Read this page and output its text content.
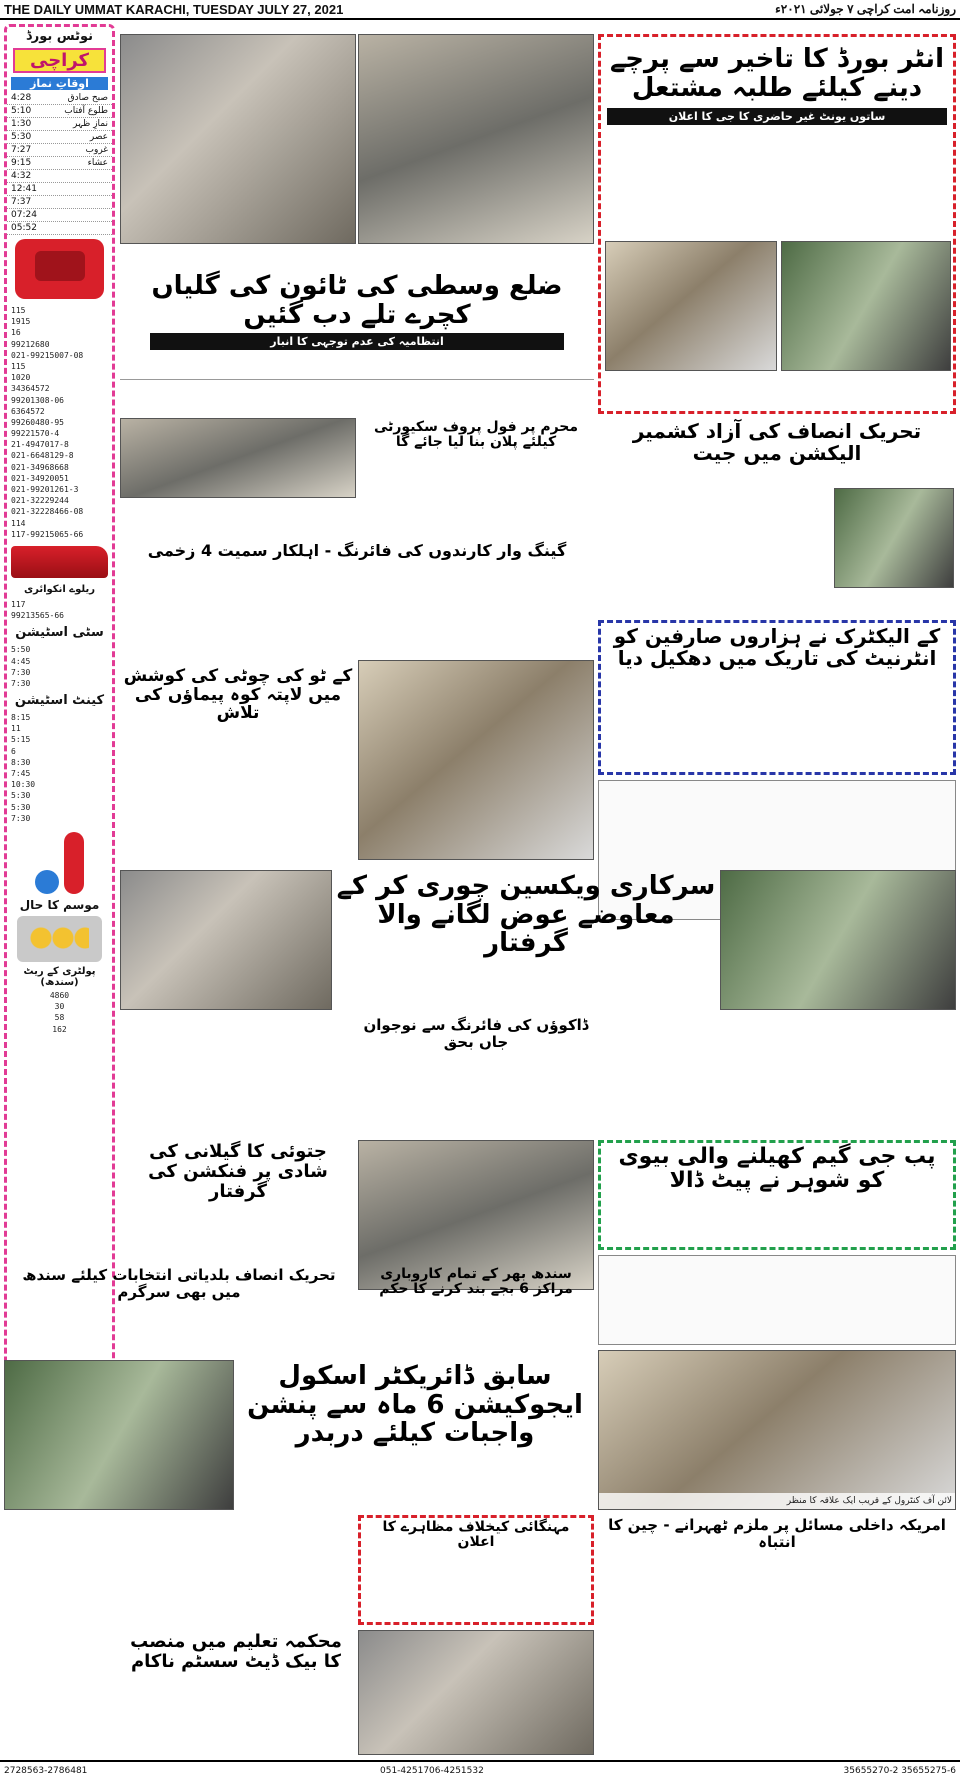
THE DAILY UMMAT KARACHI, TUESDAY JULY 27, 2021	روزنامہ امت کراچی ۷ جولائی ۲۰۲۱ء
نوٹس بورڈ
کراچی
اوقاتِ نماز
4:28	صبح صادق
5:10	طلوع آفتاب
1:30	نمازِ ظہر
5:30	عصر
7:27	غروب
9:15	عشاء
4:32
12:41
7:37
07:24
05:52
115
1915
16
99212680
021-99215007-08
115
1020
34364572
99201308-06
6364572
99260480-95
99221570-4
21-4947017-8
021-6648129-8
021-34968668
021-34920051
021-99201261-3
021-32229244
021-32228466-08
114
117-99215065-66
ریلوے انکوائری
117
99213565-66
سٹی اسٹیشن
5:50
4:45
7:30
7:30
کینٹ اسٹیشن
8:15
11
5:15
6
8:30
7:45
10:30
5:30
5:30
7:30

موسم کا حال
پولٹری کے ریٹ (سندھ)
4860
30
58
162
انٹر بورڈ کا تاخیر سے پرچے دینے کیلئے طلبہ مشتعل
ساتوں یونٹ غیر حاضری کا جی کا اعلان
ضلع وسطی کی ٹائون کی گلیاں کچرے تلے دب گئیں
انتظامیہ کی عدم توجہی کا انبار
محرم پر فول پروف سکیورٹی کیلئے پلان بنا لیا جائے گا	تحریک انصاف کی آزاد کشمیر الیکشن میں جیت
گینگ وار کارندوں کی فائرنگ - اہلکار سمیت 4 زخمی
کے الیکٹرک نے ہزاروں صارفین کو انٹرنیٹ کی تاریک میں دھکیل دیا
کے ٹو کی چوٹی کی کوشش میں لاپتہ کوہ پیماؤں کی تلاش
سرکاری ویکسین چوری کر کے معاوضے عوض لگانے والا گرفتار
ڈاکوؤں کی فائرنگ سے نوجوان جاں بحق
جتوئی کا گیلانی کی شادی پر فنکشن کی گرفتار
پب جی گیم کھیلنے والی بیوی کو شوہر نے پیٹ ڈالا
تحریک انصاف بلدیاتی انتخابات کیلئے سندھ میں بھی سرگرم
سندھ بھر کے تمام کاروباری مراکز 6 بجے بند کرنے کا حکم
سابق ڈائریکٹر اسکول ایجوکیشن 6 ماہ سے پنشن واجبات کیلئے دربدر
لائن آف کنٹرول کے قریب ایک علاقہ کا منظر
مہنگائی کیخلاف مظاہرے کا اعلان
امریکہ داخلی مسائل پر ملزم ٹھہرانے - چین کا انتباہ
محکمہ تعلیم میں منصب کا بیک ڈیٹ سسٹم ناکام
2728563-2786481	051-4251706-4251532	35655275-6 35655270-2
